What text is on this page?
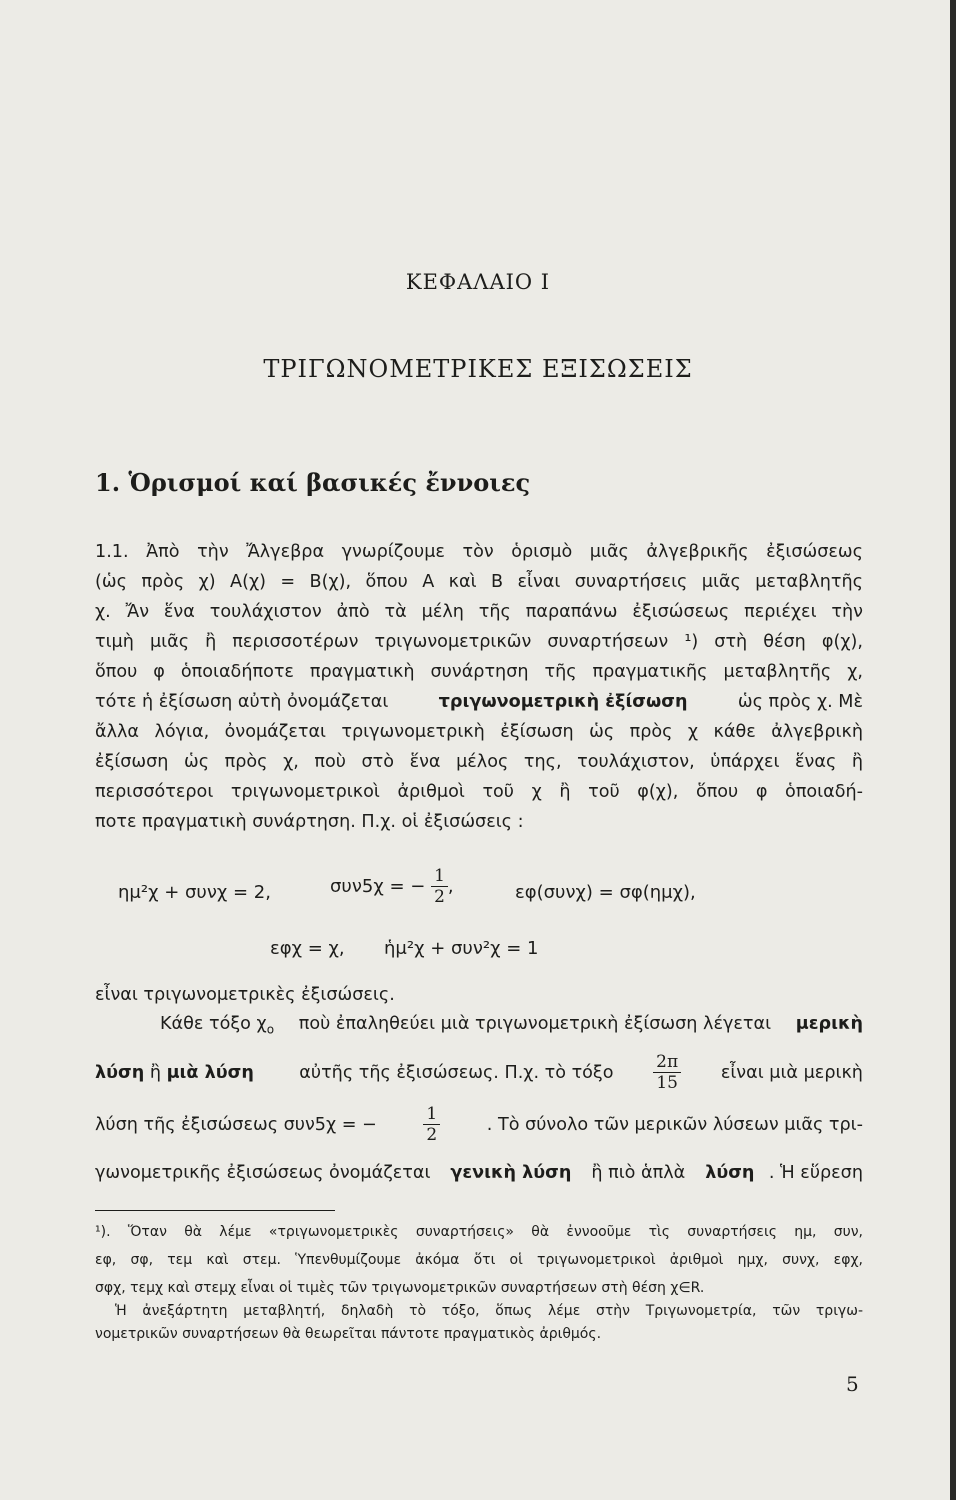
ΚΕΦΑΛΑΙΟ Ι
ΤΡΙΓΩΝΟΜΕΤΡΙΚΕΣ ΕΞΙΣΩΣΕΙΣ
1. Ὁρισμοί καί βασικές ἔννοιες
1.1. Ἀπὸ τὴν Ἄλγεβρα γνωρίζουμε τὸν ὁρισμὸ μιᾶς ἀλγεβρικῆς ἐξισώσεως
(ὡς πρὸς χ) Α(χ) = Β(χ), ὅπου Α καὶ Β εἶναι συναρτήσεις μιᾶς μεταβλητῆς
χ. Ἄν ἕνα τουλάχιστον ἀπὸ τὰ μέλη τῆς παραπάνω ἐξισώσεως περιέχει τὴν
τιμὴ μιᾶς ἢ περισσοτέρων τριγωνομετρικῶν συναρτήσεων ¹) στὴ θέση φ(χ),
ὅπου φ ὁποιαδήποτε πραγματικὴ συνάρτηση τῆς πραγματικῆς μεταβλητῆς χ,
τότε ἡ ἐξίσωση αὐτὴ ὀνομάζεται	τριγωνομετρικὴ ἐξίσωση	ὡς πρὸς χ. Μὲ
ἄλλα λόγια, ὀνομάζεται τριγωνομετρικὴ ἐξίσωση ὡς πρὸς χ κάθε ἀλγεβρικὴ
ἐξίσωση ὡς πρὸς χ, ποὺ στὸ ἕνα μέλος της, τουλάχιστον, ὑπάρχει ἕνας ἢ
περισσότεροι τριγωνομετρικοὶ ἀριθμοὶ τοῦ χ ἢ τοῦ φ(χ), ὅπου φ ὁποιαδή-
ποτε πραγματικὴ συνάρτηση. Π.χ. οἱ ἐξισώσεις :
ημ²χ + συνχ = 2,	συν5χ = − $\frac{1}{2}$ ,	εφ(συνχ) = σφ(ημχ),
εφχ = χ, ἡμ²χ + συν²χ = 1
εἶναι τριγωνομετρικὲς ἐξισώσεις.
Κάθε τόξο $\chi_o$ ποὺ ἐπαληθεύει μιὰ τριγωνομετρικὴ ἐξίσωση λέγεται μερικὴ
λύση ἢ μιὰ λύση αὐτῆς τῆς ἐξισώσεως. Π.χ. τὸ τόξο $\frac{2\pi}{15}$ εἶναι μιὰ μερικὴ
λύση τῆς ἐξισώσεως συν5χ = −	$\frac{1}{2}$	. Τὸ σύνολο τῶν μερικῶν λύσεων μιᾶς τρι-
γωνομετρικῆς ἐξισώσεως ὀνομάζεται γενικὴ λύση ἢ πιὸ ἁπλὰ λύση . Ἡ εὕρεση
¹). Ὅταν θὰ λέμε «τριγωνομετρικὲς συναρτήσεις» θὰ ἐννοοῦμε τὶς συναρτήσεις ημ, συν,
εφ, σφ, τεμ καὶ στεμ. Ὑπενθυμίζουμε ἀκόμα ὅτι οἱ τριγωνομετρικοὶ ἀριθμοὶ ημχ, συνχ, εφχ,
σφχ, τεμχ καὶ στεμχ εἶναι οἱ τιμὲς τῶν τριγωνομετρικῶν συναρτήσεων στὴ θέση χ∈R.
Ἡ ἀνεξάρτητη μεταβλητή, δηλαδὴ τὸ τόξο, ὅπως λέμε στὴν Τριγωνομετρία, τῶν τριγω-
νομετρικῶν συναρτήσεων θὰ θεωρεῖται πάντοτε πραγματικὸς ἀριθμός.
5
